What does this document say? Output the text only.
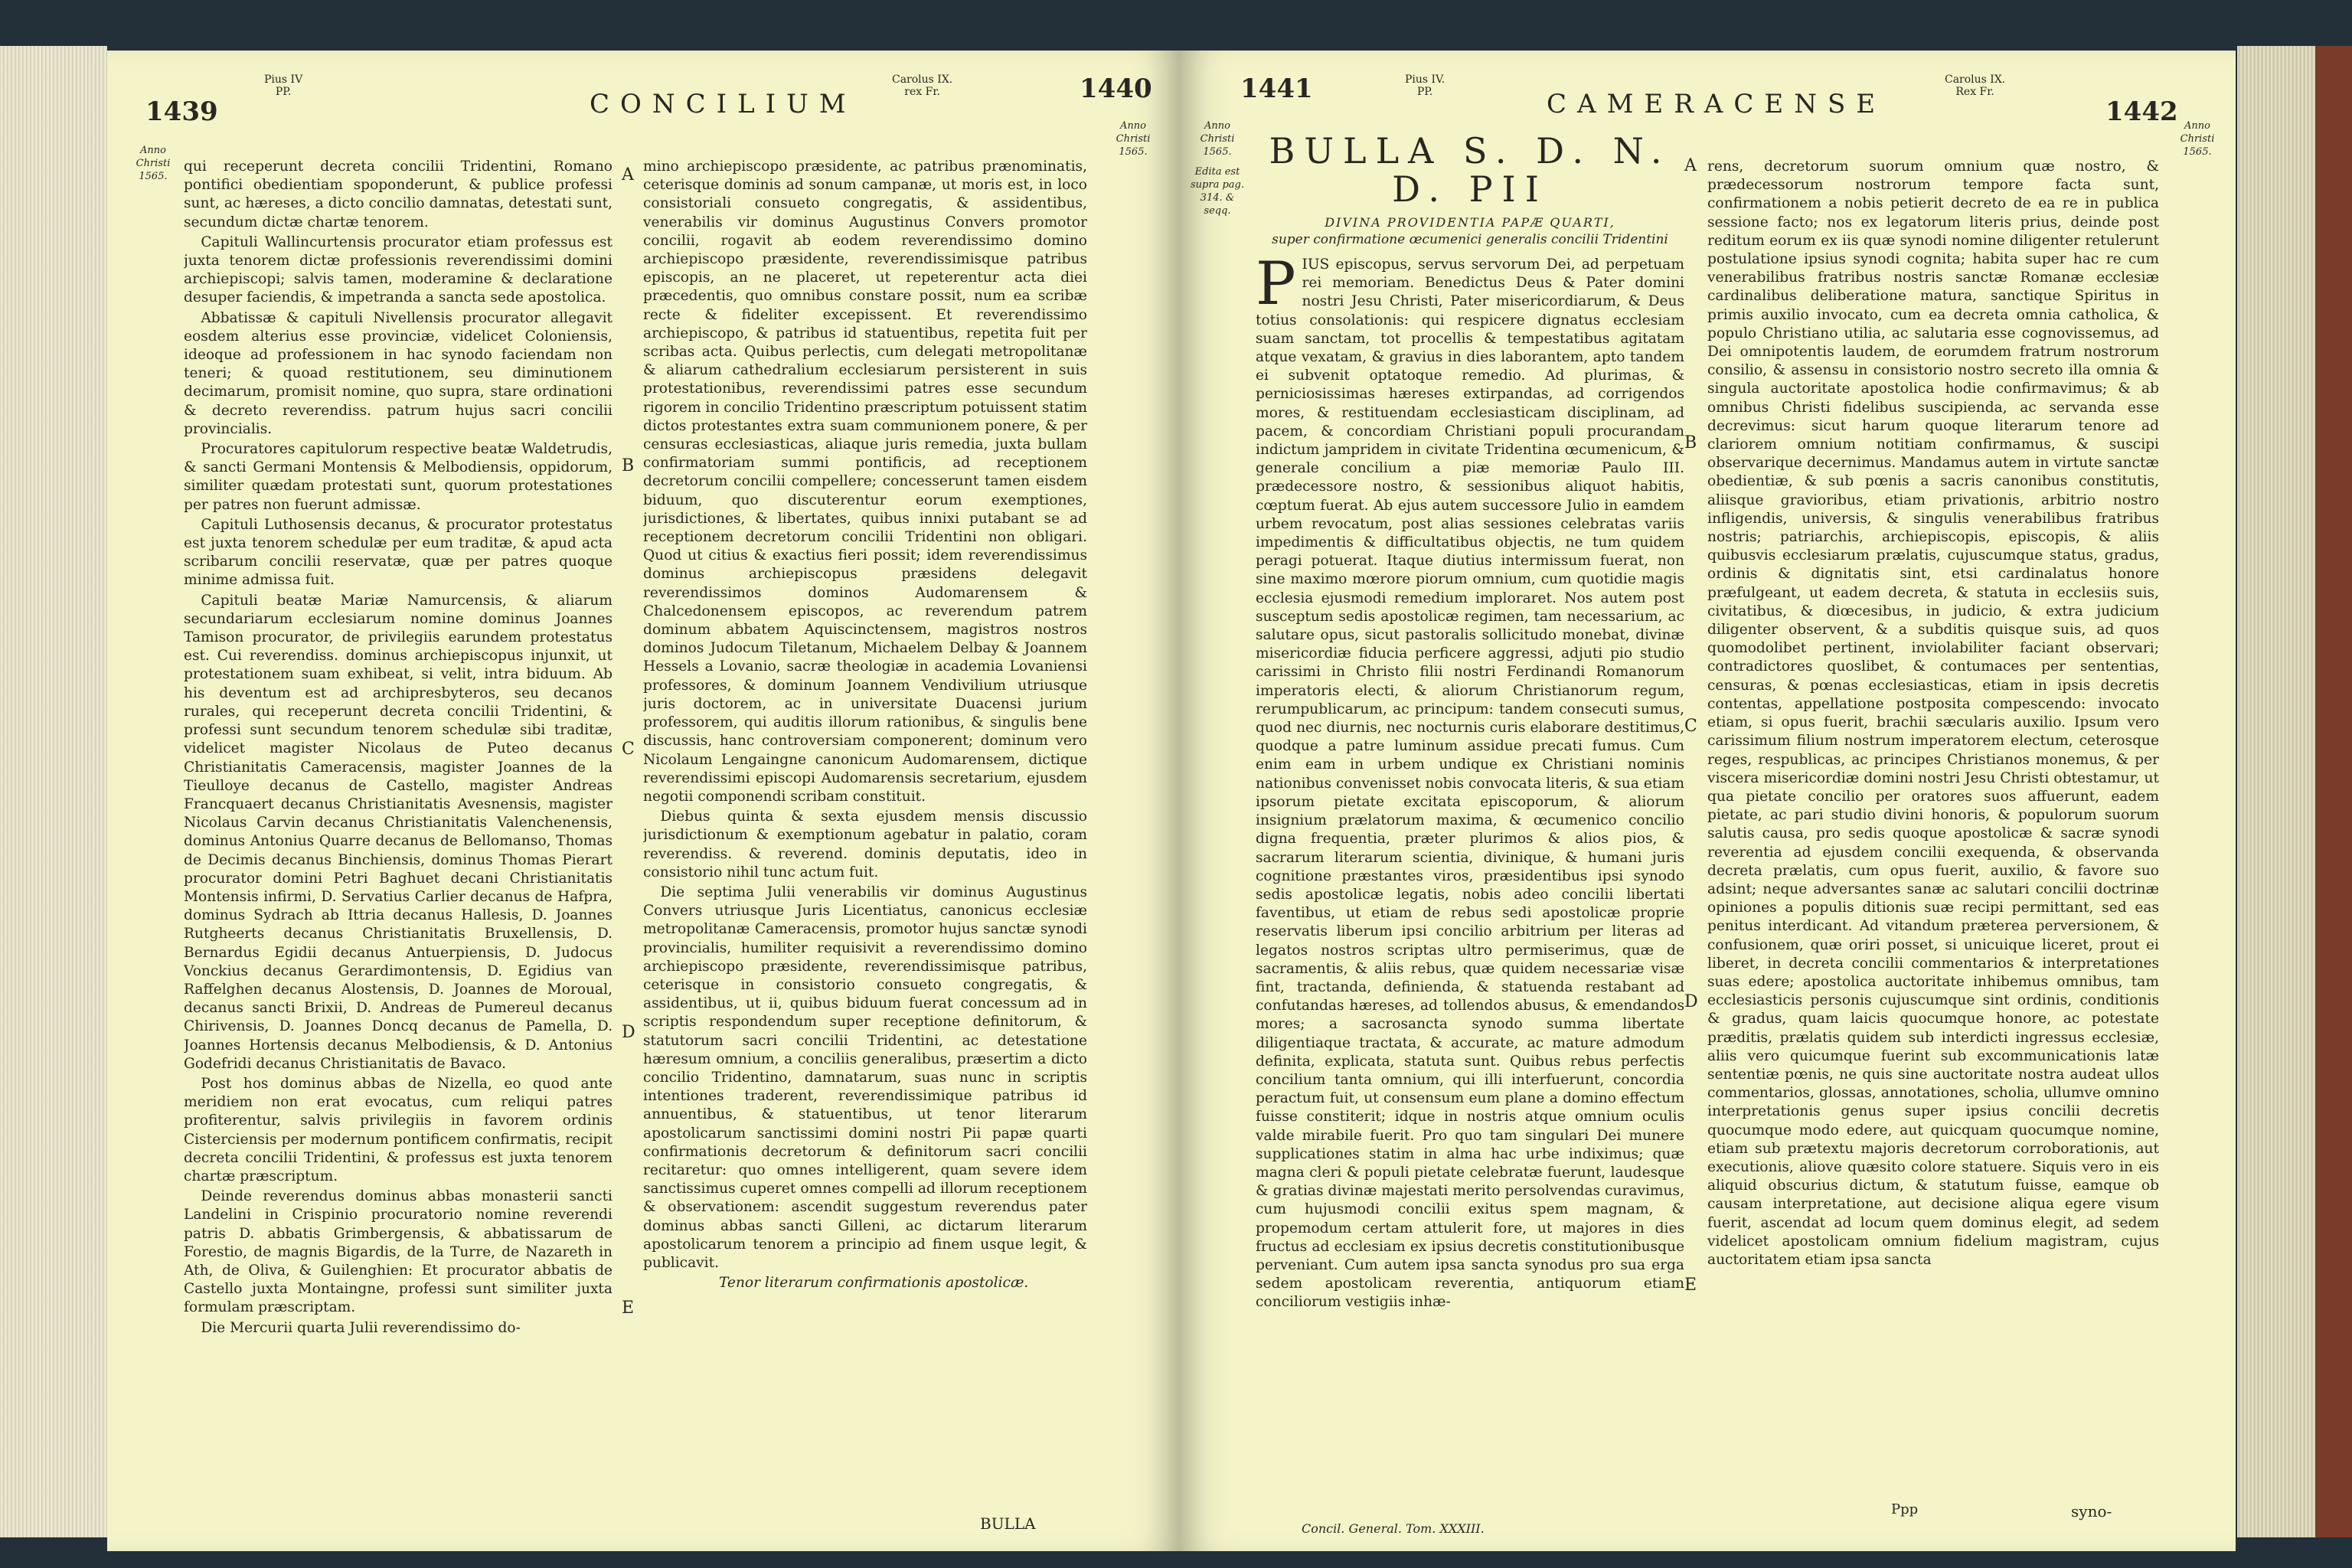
1439
Pius IV
PP.	CONCILIUM
Carolus IX.
rex Fr.	1440
Anno
Christi
1565.
Anno
Christi
1565.

qui receperunt decreta concilii Tridentini, Romano pontifici obedientiam spoponderunt, & publice professi sunt, ac hæreses, a dicto concilio damnatas, detestati sunt, secundum dictæ chartæ tenorem.

Capituli Wallincurtensis procurator etiam professus est juxta tenorem dictæ professionis reverendissimi domini archiepiscopi; salvis tamen, moderamine & declaratione desuper faciendis, & impetranda a sancta sede apostolica.

Abbatissæ & capituli Nivellensis procurator allegavit eosdem alterius esse provinciæ, videlicet Coloniensis, ideoque ad professionem in hac synodo faciendam non teneri; & quoad restitutionem, seu diminutionem decimarum, promisit nomine, quo supra, stare ordinationi & decreto reverendiss. patrum hujus sacri concilii provincialis.

Procuratores capitulorum respective beatæ Waldetrudis, & sancti Germani Montensis & Melbodiensis, oppidorum, similiter quædam protestati sunt, quorum protestationes per patres non fuerunt admissæ.

Capituli Luthosensis decanus, & procurator protestatus est juxta tenorem schedulæ per eum traditæ, & apud acta scribarum concilii reservatæ, quæ per patres quoque minime admissa fuit.

Capituli beatæ Mariæ Namurcensis, & aliarum secundariarum ecclesiarum nomine dominus Joannes Tamison procurator, de privilegiis earundem protestatus est. Cui reverendiss. dominus archiepiscopus injunxit, ut protestationem suam exhibeat, si velit, intra biduum. Ab his deventum est ad archipresbyteros, seu decanos rurales, qui receperunt decreta concilii Tridentini, & professi sunt secundum tenorem schedulæ sibi traditæ, videlicet magister Nicolaus de Puteo decanus Christianitatis Cameracensis, magister Joannes de la Tieulloye decanus de Castello, magister Andreas Francquaert decanus Christianitatis Avesnensis, magister Nicolaus Carvin decanus Christianitatis Valenchenensis, dominus Antonius Quarre decanus de Bellomanso, Thomas de Decimis decanus Binchiensis, dominus Thomas Pierart procurator domini Petri Baghuet decani Christianitatis Montensis infirmi, D. Servatius Carlier decanus de Hafpra, dominus Sydrach ab Ittria decanus Hallesis, D. Joannes Rutgheerts decanus Christianitatis Bruxellensis, D. Bernardus Egidii decanus Antuerpiensis, D. Judocus Vonckius decanus Gerardimontensis, D. Egidius van Raffelghen decanus Alostensis, D. Joannes de Moroual, decanus sancti Brixii, D. Andreas de Pumereul decanus Chirivensis, D. Joannes Doncq decanus de Pamella, D. Joannes Hortensis decanus Melbodiensis, & D. Antonius Godefridi decanus Christianitatis de Bavaco.

Post hos dominus abbas de Nizella, eo quod ante meridiem non erat evocatus, cum reliqui patres profiterentur, salvis privilegiis in favorem ordinis Cisterciensis per modernum pontificem confirmatis, recipit decreta concilii Tridentini, & professus est juxta tenorem chartæ præscriptum.

Deinde reverendus dominus abbas monasterii sancti Landelini in Crispinio procuratorio nomine reverendi patris D. abbatis Grimbergensis, & abbatissarum de Forestio, de magnis Bigardis, de la Turre, de Nazareth in Ath, de Oliva, & Guilenghien: Et procurator abbatis de Castello juxta Montaingne, professi sunt similiter juxta formulam præscriptam.

Die Mercurii quarta Julii reverendissimo do-

A
B
C
D
E

mino archiepiscopo præsidente, ac patribus prænominatis, ceterisque dominis ad sonum campanæ, ut moris est, in loco consistoriali consueto congregatis, & assidentibus, venerabilis vir dominus Augustinus Convers promotor concilii, rogavit ab eodem reverendissimo domino archiepiscopo præsidente, reverendissimisque patribus episcopis, an ne placeret, ut repeterentur acta diei præcedentis, quo omnibus constare possit, num ea scribæ recte & fideliter excepissent. Et reverendissimo archiepiscopo, & patribus id statuentibus, repetita fuit per scribas acta. Quibus perlectis, cum delegati metropolitanæ & aliarum cathedralium ecclesiarum persisterent in suis protestationibus, reverendissimi patres esse secundum rigorem in concilio Tridentino præscriptum potuissent statim dictos protestantes extra suam communionem ponere, & per censuras ecclesiasticas, aliaque juris remedia, juxta bullam confirmatoriam summi pontificis, ad receptionem decretorum concilii compellere; concesserunt tamen eisdem biduum, quo discuterentur eorum exemptiones, jurisdictiones, & libertates, quibus innixi putabant se ad receptionem decretorum concilii Tridentini non obligari. Quod ut citius & exactius fieri possit; idem reverendissimus dominus archiepiscopus præsidens delegavit reverendissimos dominos Audomarensem & Chalcedonensem episcopos, ac reverendum patrem dominum abbatem Aquiscinctensem, magistros nostros dominos Judocum Tiletanum, Michaelem Delbay & Joannem Hessels a Lovanio, sacræ theologiæ in academia Lovaniensi professores, & dominum Joannem Vendivilium utriusque juris doctorem, ac in universitate Duacensi jurium professorem, qui auditis illorum rationibus, & singulis bene discussis, hanc controversiam componerent; dominum vero Nicolaum Lengaingne canonicum Audomarensem, dictique reverendissimi episcopi Audomarensis secretarium, ejusdem negotii componendi scribam constituit.

Diebus quinta & sexta ejusdem mensis discussio jurisdictionum & exemptionum agebatur in palatio, coram reverendiss. & reverend. dominis deputatis, ideo in consistorio nihil tunc actum fuit.

Die septima Julii venerabilis vir dominus Augustinus Convers utriusque Juris Licentiatus, canonicus ecclesiæ metropolitanæ Cameracensis, promotor hujus sanctæ synodi provincialis, humiliter requisivit a reverendissimo domino archiepiscopo præsidente, reverendissimisque patribus, ceterisque in consistorio consueto congregatis, & assidentibus, ut ii, quibus biduum fuerat concessum ad in scriptis respondendum super receptione definitorum, & statutorum sacri concilii Tridentini, ac detestatione hæresum omnium, a conciliis generalibus, præsertim a dicto concilio Tridentino, damnatarum, suas nunc in scriptis intentiones traderent, reverendissimique patribus id annuentibus, & statuentibus, ut tenor literarum apostolicarum sanctissimi domini nostri Pii papæ quarti confirmationis decretorum & definitorum sacri concilii recitaretur: quo omnes intelligerent, quam severe idem sanctissimus cuperet omnes compelli ad illorum receptionem & observationem: ascendit suggestum reverendus pater dominus abbas sancti Gilleni, ac dictarum literarum apostolicarum tenorem a principio ad finem usque legit, & publicavit.

Tenor literarum confirmationis apostolicæ.

BULLA
1441	Pius IV.
PP.	CAMERACENSE
Carolus IX.
Rex Fr.
1442
Anno
Christi
1565.
Edita est
supra pag.
314. & seqq.
Anno
Christi
1565.
BULLA S. D. N. D. PII
DIVINA PROVIDENTIA PAPÆ QUARTI,
super confirmatione œcumenici generalis concilii Tridentini

P IUS episcopus, servus servorum Dei, ad perpetuam rei memoriam. Benedictus Deus & Pater domini nostri Jesu Christi, Pater misericordiarum, & Deus totius consolationis: qui respicere dignatus ecclesiam suam sanctam, tot procellis & tempestatibus agitatam atque vexatam, & gravius in dies laborantem, apto tandem ei subvenit optatoque remedio. Ad plurimas, & perniciosissimas hæreses extirpandas, ad corrigendos mores, & restituendam ecclesiasticam disciplinam, ad pacem, & concordiam Christiani populi procurandam indictum jampridem in civitate Tridentina œcumenicum, & generale concilium a piæ memoriæ Paulo III. prædecessore nostro, & sessionibus aliquot habitis, cœptum fuerat. Ab ejus autem successore Julio in eamdem urbem revocatum, post alias sessiones celebratas variis impedimentis & difficultatibus objectis, ne tum quidem peragi potuerat. Itaque diutius intermissum fuerat, non sine maximo mœrore piorum omnium, cum quotidie magis ecclesia ejusmodi remedium imploraret. Nos autem post susceptum sedis apostolicæ regimen, tam necessarium, ac salutare opus, sicut pastoralis sollicitudo monebat, divinæ misericordiæ fiducia perficere aggressi, adjuti pio studio carissimi in Christo filii nostri Ferdinandi Romanorum imperatoris electi, & aliorum Christianorum regum, rerumpublicarum, ac principum: tandem consecuti sumus, quod nec diurnis, nec nocturnis curis elaborare destitimus, quodque a patre luminum assidue precati fumus. Cum enim eam in urbem undique ex Christiani nominis nationibus convenisset nobis convocata literis, & sua etiam ipsorum pietate excitata episcoporum, & aliorum insignium prælatorum maxima, & œcumenico concilio digna frequentia, præter plurimos & alios pios, & sacrarum literarum scientia, divinique, & humani juris cognitione præstantes viros, præsidentibus ipsi synodo sedis apostolicæ legatis, nobis adeo concilii libertati faventibus, ut etiam de rebus sedi apostolicæ proprie reservatis liberum ipsi concilio arbitrium per literas ad legatos nostros scriptas ultro permiserimus, quæ de sacramentis, & aliis rebus, quæ quidem necessariæ visæ fint, tractanda, definienda, & statuenda restabant ad confutandas hæreses, ad tollendos abusus, & emendandos mores; a sacrosancta synodo summa libertate diligentiaque tractata, & accurate, ac mature admodum definita, explicata, statuta sunt. Quibus rebus perfectis concilium tanta omnium, qui illi interfuerunt, concordia peractum fuit, ut consensum eum plane a domino effectum fuisse constiterit; idque in nostris atque omnium oculis valde mirabile fuerit. Pro quo tam singulari Dei munere supplicationes statim in alma hac urbe indiximus; quæ magna cleri & populi pietate celebratæ fuerunt, laudesque & gratias divinæ majestati merito persolvendas curavimus, cum hujusmodi concilii exitus spem magnam, & propemodum certam attulerit fore, ut majores in dies fructus ad ecclesiam ex ipsius decretis constitutionibusque perveniant. Cum autem ipsa sancta synodus pro sua erga sedem apostolicam reverentia, antiquorum etiam conciliorum vestigiis inhæ-

A
B
C
D
E

rens, decretorum suorum omnium quæ nostro, & prædecessorum nostrorum tempore facta sunt, confirmationem a nobis petierit decreto de ea re in publica sessione facto; nos ex legatorum literis prius, deinde post reditum eorum ex iis quæ synodi nomine diligenter retulerunt postulatione ipsius synodi cognita; habita super hac re cum venerabilibus fratribus nostris sanctæ Romanæ ecclesiæ cardinalibus deliberatione matura, sanctique Spiritus in primis auxilio invocato, cum ea decreta omnia catholica, & populo Christiano utilia, ac salutaria esse cognovissemus, ad Dei omnipotentis laudem, de eorumdem fratrum nostrorum consilio, & assensu in consistorio nostro secreto illa omnia & singula auctoritate apostolica hodie confirmavimus; & ab omnibus Christi fidelibus suscipienda, ac servanda esse decrevimus: sicut harum quoque literarum tenore ad clariorem omnium notitiam confirmamus, & suscipi observarique decernimus. Mandamus autem in virtute sanctæ obedientiæ, & sub pœnis a sacris canonibus constitutis, aliisque gravioribus, etiam privationis, arbitrio nostro infligendis, universis, & singulis venerabilibus fratribus nostris; patriarchis, archiepiscopis, episcopis, & aliis quibusvis ecclesiarum prælatis, cujuscumque status, gradus, ordinis & dignitatis sint, etsi cardinalatus honore præfulgeant, ut eadem decreta, & statuta in ecclesiis suis, civitatibus, & diœcesibus, in judicio, & extra judicium diligenter observent, & a subditis quisque suis, ad quos quomodolibet pertinent, inviolabiliter faciant observari; contradictores quoslibet, & contumaces per sententias, censuras, & pœnas ecclesiasticas, etiam in ipsis decretis contentas, appellatione postposita compescendo: invocato etiam, si opus fuerit, brachii sæcularis auxilio. Ipsum vero carissimum filium nostrum imperatorem electum, ceterosque reges, respublicas, ac principes Christianos monemus, & per viscera misericordiæ domini nostri Jesu Christi obtestamur, ut qua pietate concilio per oratores suos affuerunt, eadem pietate, ac pari studio divini honoris, & populorum suorum salutis causa, pro sedis quoque apostolicæ & sacræ synodi reverentia ad ejusdem concilii exequenda, & observanda decreta prælatis, cum opus fuerit, auxilio, & favore suo adsint; neque adversantes sanæ ac salutari concilii doctrinæ opiniones a populis ditionis suæ recipi permittant, sed eas penitus interdicant. Ad vitandum præterea perversionem, & confusionem, quæ oriri posset, si unicuique liceret, prout ei liberet, in decreta concilii commentarios & interpretationes suas edere; apostolica auctoritate inhibemus omnibus, tam ecclesiasticis personis cujuscumque sint ordinis, conditionis & gradus, quam laicis quocumque honore, ac potestate præditis, prælatis quidem sub interdicti ingressus ecclesiæ, aliis vero quicumque fuerint sub excommunicationis latæ sententiæ pœnis, ne quis sine auctoritate nostra audeat ullos commentarios, glossas, annotationes, scholia, ullumve omnino interpretationis genus super ipsius concilii decretis quocumque modo edere, aut quicquam quocumque nomine, etiam sub prætextu majoris decretorum corroborationis, aut executionis, aliove quæsito colore statuere. Siquis vero in eis aliquid obscurius dictum, & statutum fuisse, eamque ob causam interpretatione, aut decisione aliqua egere visum fuerit, ascendat ad locum quem dominus elegit, ad sedem videlicet apostolicam omnium fidelium magistram, cujus auctoritatem etiam ipsa sancta

Concil. General. Tom. XXXIII.
Ppp	syno-
